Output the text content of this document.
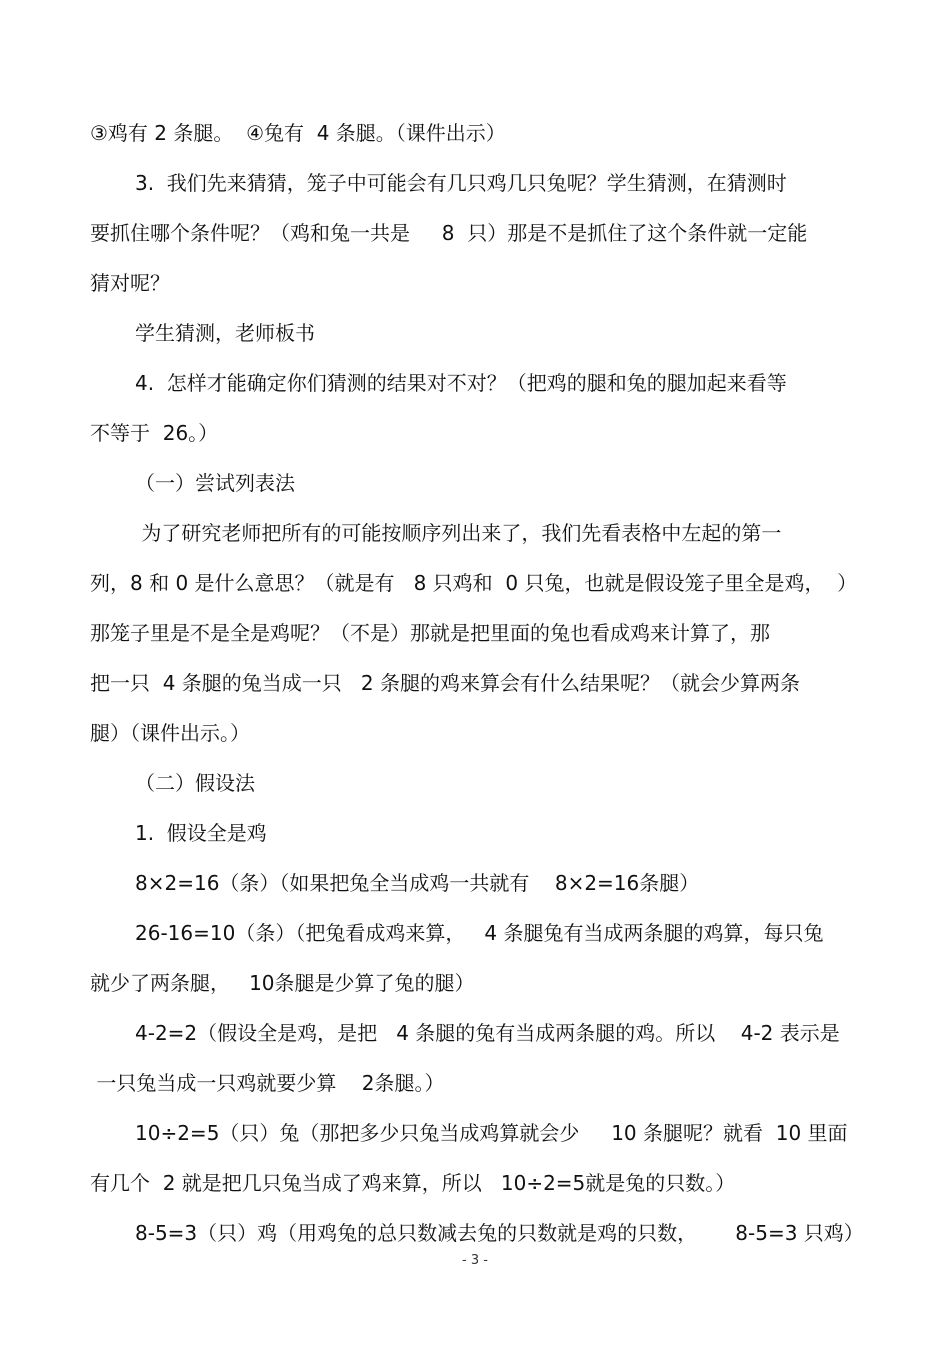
③鸡有 2 条腿。  ④兔有  4 条腿。（课件出示）
3.  我们先来猜猜，笼子中可能会有几只鸡几只兔呢？学生猜测，在猜测时
要抓住哪个条件呢？（鸡和兔一共是     8  只）那是不是抓住了这个条件就一定能
猜对呢？
学生猜测，老师板书
4.  怎样才能确定你们猜测的结果对不对？（把鸡的腿和兔的腿加起来看等
不等于  26。）
（一）尝试列表法
为了研究老师把所有的可能按顺序列出来了，我们先看表格中左起的第一
列，8 和 0 是什么意思？（就是有   8 只鸡和  0 只兔，也就是假设笼子里全是鸡，  ）
那笼子里是不是全是鸡呢？（不是）那就是把里面的兔也看成鸡来计算了，那
把一只  4 条腿的兔当成一只   2 条腿的鸡来算会有什么结果呢？（就会少算两条
腿）（课件出示。）
（二）假设法
1.  假设全是鸡
8×2=16（条）（如果把兔全当成鸡一共就有    8×2=16条腿）
26-16=10（条）（把兔看成鸡来算，   4 条腿兔有当成两条腿的鸡算，每只兔
就少了两条腿，   10条腿是少算了兔的腿）
4-2=2（假设全是鸡，是把   4 条腿的兔有当成两条腿的鸡。所以    4-2 表示是
一只兔当成一只鸡就要少算    2条腿。）
10÷2=5（只）兔（那把多少只兔当成鸡算就会少     10 条腿呢？就看  10 里面
有几个  2 就是把几只兔当成了鸡来算，所以   10÷2=5就是兔的只数。）
8-5=3（只）鸡（用鸡兔的总只数减去兔的只数就是鸡的只数，      8-5=3 只鸡）
- 3 -
